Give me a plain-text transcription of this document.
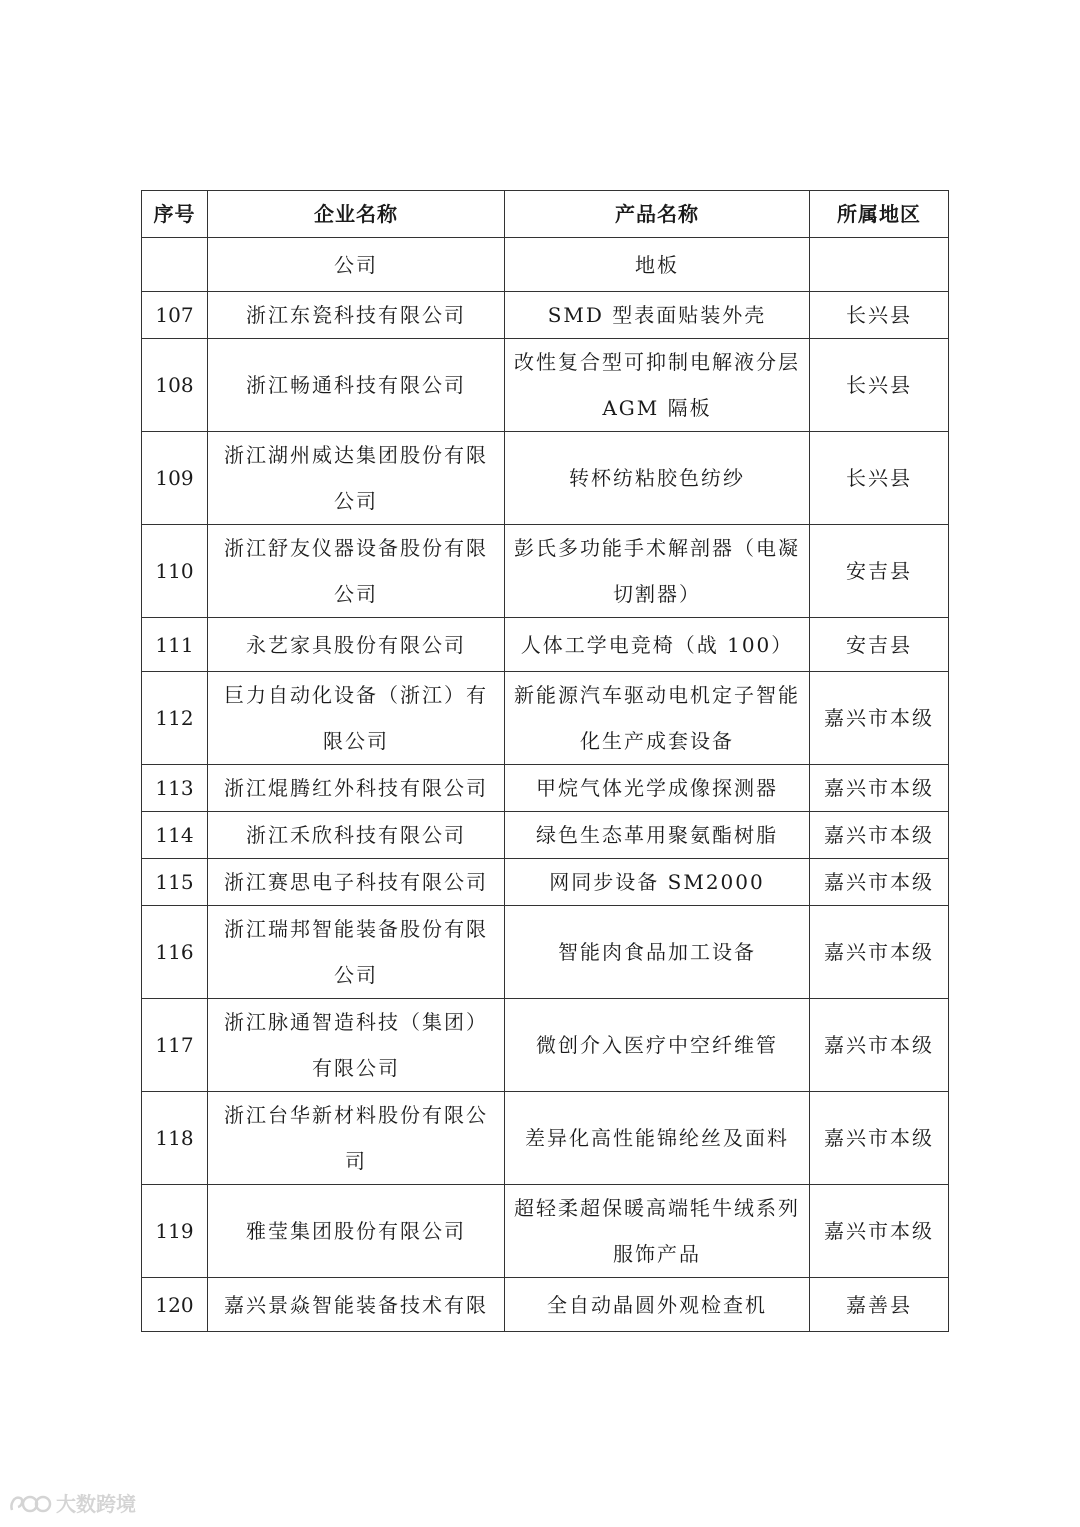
序号	企业名称	产品名称	所属地区
	公司	地板	
107	浙江东瓷科技有限公司	SMD 型表面贴装外壳	长兴县
108	浙江畅通科技有限公司	改性复合型可抑制电解液分层AGM 隔板	长兴县
109	浙江湖州威达集团股份有限公司	转杯纺粘胶色纺纱	长兴县
110	浙江舒友仪器设备股份有限公司	彭氏多功能手术解剖器（电凝切割器）	安吉县
111	永艺家具股份有限公司	人体工学电竞椅（战 100）	安吉县
112	巨力自动化设备（浙江）有限公司	新能源汽车驱动电机定子智能化生产成套设备	嘉兴市本级
113	浙江焜腾红外科技有限公司	甲烷气体光学成像探测器	嘉兴市本级
114	浙江禾欣科技有限公司	绿色生态革用聚氨酯树脂	嘉兴市本级
115	浙江赛思电子科技有限公司	网同步设备 SM2000	嘉兴市本级
116	浙江瑞邦智能装备股份有限公司	智能肉食品加工设备	嘉兴市本级
117	浙江脉通智造科技（集团）有限公司	微创介入医疗中空纤维管	嘉兴市本级
118	浙江台华新材料股份有限公司	差异化高性能锦纶丝及面料	嘉兴市本级
119	雅莹集团股份有限公司	超轻柔超保暖高端牦牛绒系列服饰产品	嘉兴市本级
120	嘉兴景焱智能装备技术有限	全自动晶圆外观检查机	嘉善县
大数跨境
